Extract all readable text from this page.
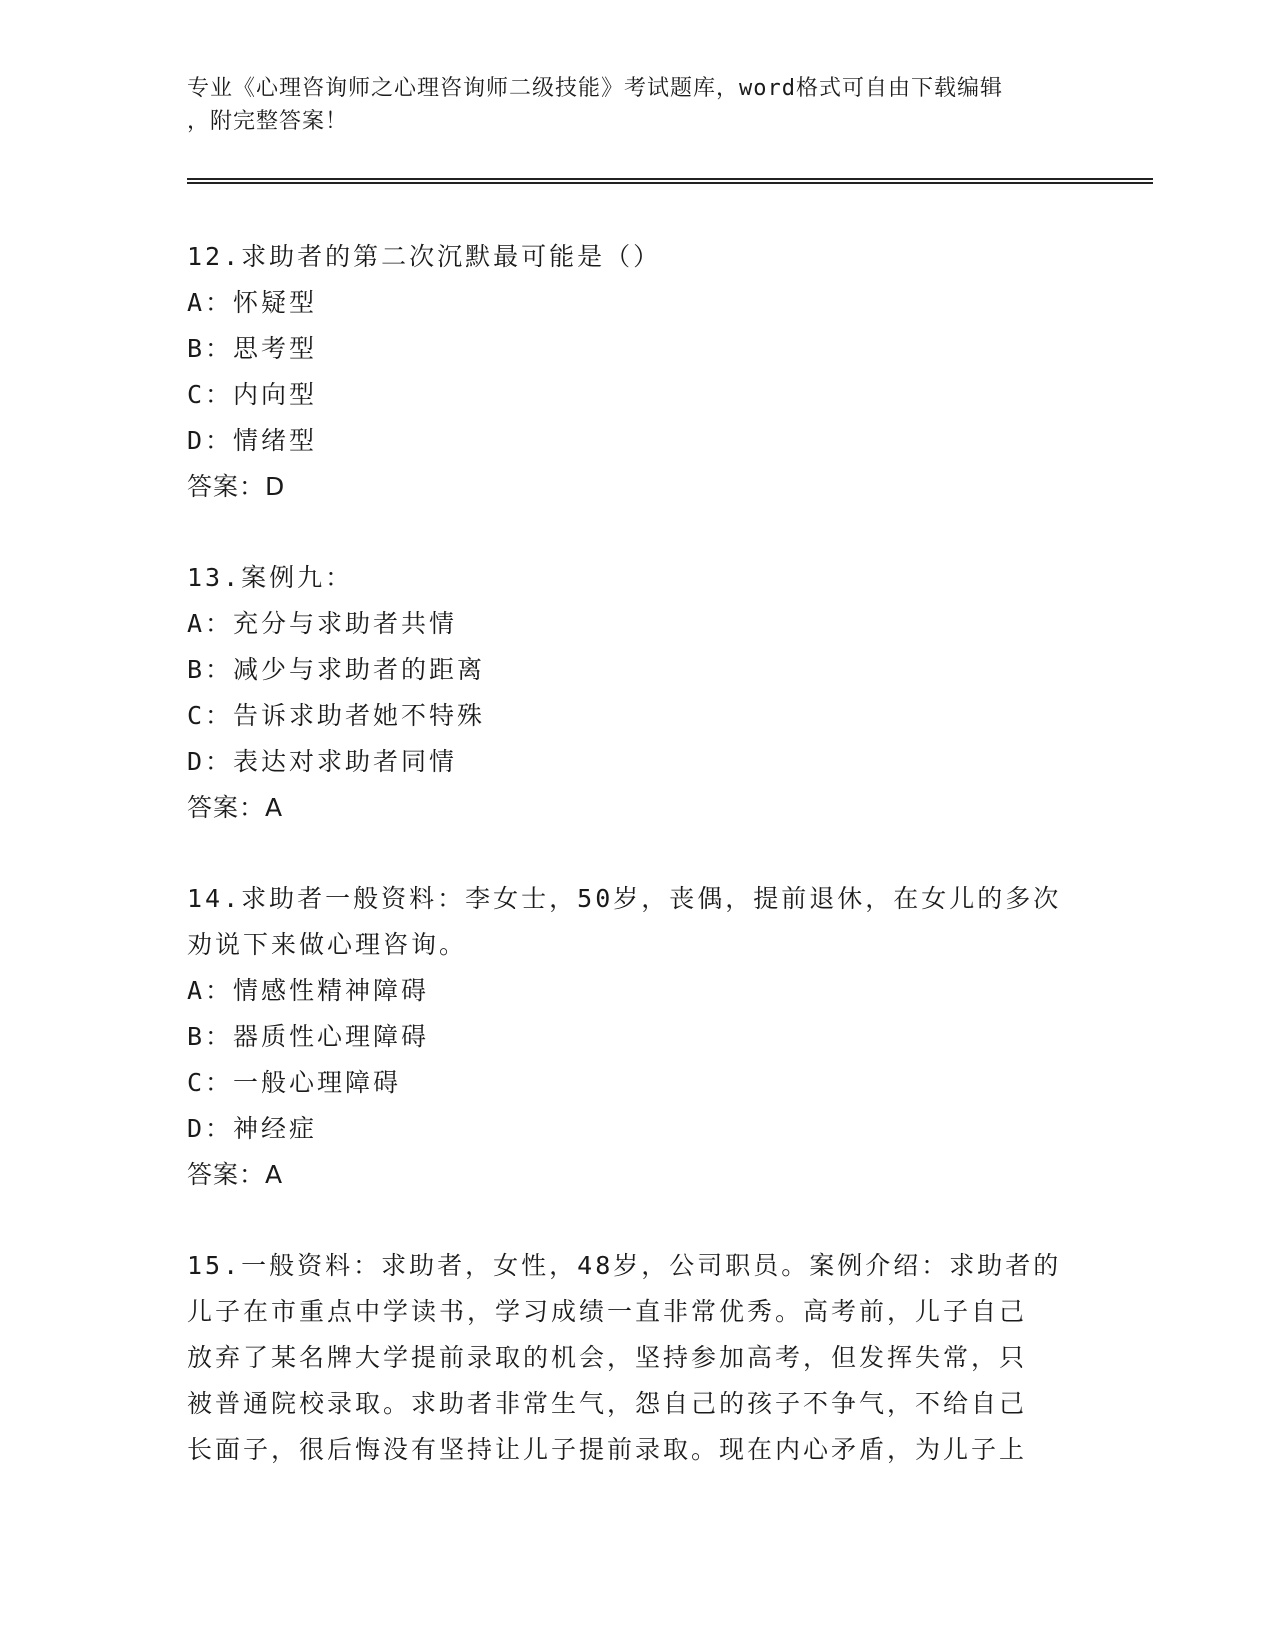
专业《心理咨询师之心理咨询师二级技能》考试题库，word格式可自由下载编辑
，附完整答案！
12.求助者的第二次沉默最可能是（）
A：怀疑型
B：思考型
C：内向型
D：情绪型
答案：D
13.案例九：
A：充分与求助者共情
B：减少与求助者的距离
C：告诉求助者她不特殊
D：表达对求助者同情
答案：A
14.求助者一般资料：李女士，50岁，丧偶，提前退休，在女儿的多次
劝说下来做心理咨询。
A：情感性精神障碍
B：器质性心理障碍
C：一般心理障碍
D：神经症
答案：A
15.一般资料：求助者，女性，48岁，公司职员。案例介绍：求助者的
儿子在市重点中学读书，学习成绩一直非常优秀。高考前，儿子自己
放弃了某名牌大学提前录取的机会，坚持参加高考，但发挥失常，只
被普通院校录取。求助者非常生气，怨自己的孩子不争气，不给自己
长面子，很后悔没有坚持让儿子提前录取。现在内心矛盾，为儿子上
